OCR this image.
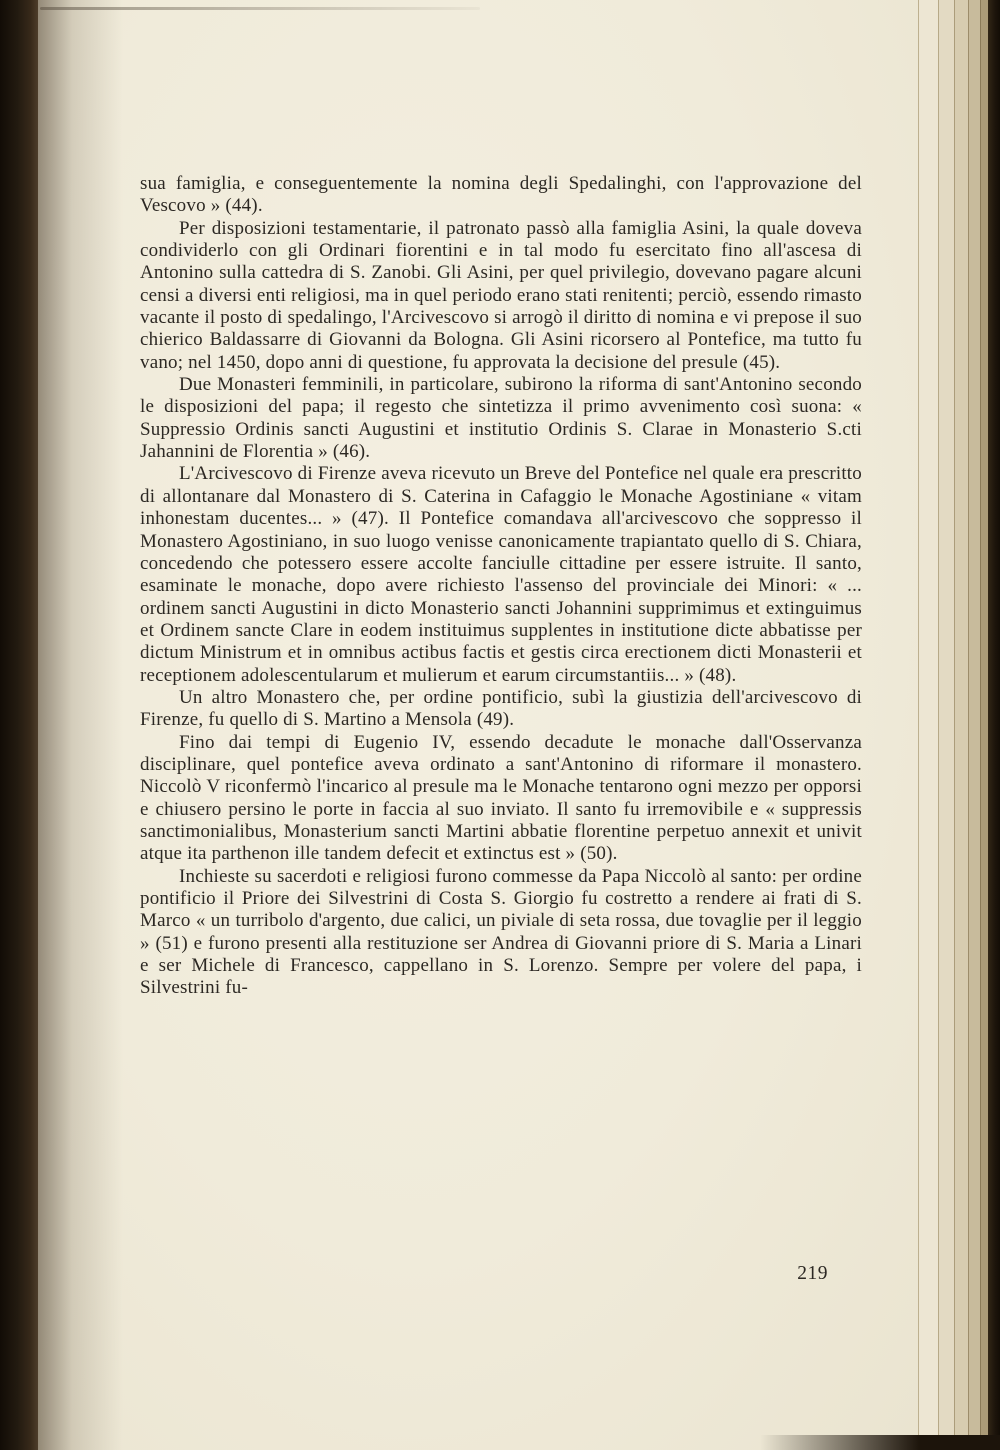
sua famiglia, e conseguentemente la nomina degli Spedalinghi, con l'approvazione del Vescovo » (44).

Per disposizioni testamentarie, il patronato passò alla famiglia Asini, la quale doveva condividerlo con gli Ordinari fiorentini e in tal modo fu esercitato fino all'ascesa di Antonino sulla cattedra di S. Zanobi. Gli Asini, per quel privilegio, dovevano pagare alcuni censi a diversi enti religiosi, ma in quel periodo erano stati renitenti; perciò, essendo rimasto vacante il posto di spedalingo, l'Arcivescovo si arrogò il diritto di nomina e vi prepose il suo chierico Baldassarre di Giovanni da Bologna. Gli Asini ricorsero al Pontefice, ma tutto fu vano; nel 1450, dopo anni di questione, fu approvata la decisione del presule (45).

Due Monasteri femminili, in particolare, subirono la riforma di sant'Antonino secondo le disposizioni del papa; il regesto che sintetizza il primo avvenimento così suona: « Suppressio Ordinis sancti Augustini et institutio Ordinis S. Clarae in Monasterio S.cti Jahannini de Florentia » (46).

L'Arcivescovo di Firenze aveva ricevuto un Breve del Pontefice nel quale era prescritto di allontanare dal Monastero di S. Caterina in Cafaggio le Monache Agostiniane « vitam inhonestam ducentes... » (47). Il Pontefice comandava all'arcivescovo che soppresso il Monastero Agostiniano, in suo luogo venisse canonicamente trapiantato quello di S. Chiara, concedendo che potessero essere accolte fanciulle cittadine per essere istruite. Il santo, esaminate le monache, dopo avere richiesto l'assenso del provinciale dei Minori: « ... ordinem sancti Augustini in dicto Monasterio sancti Johannini supprimimus et extinguimus et Ordinem sancte Clare in eodem instituimus supplentes in institutione dicte abbatisse per dictum Ministrum et in omnibus actibus factis et gestis circa erectionem dicti Monasterii et receptionem adolescentularum et mulierum et earum circumstantiis... » (48).

Un altro Monastero che, per ordine pontificio, subì la giustizia dell'arcivescovo di Firenze, fu quello di S. Martino a Mensola (49).

Fino dai tempi di Eugenio IV, essendo decadute le monache dall'Osservanza disciplinare, quel pontefice aveva ordinato a sant'Antonino di riformare il monastero. Niccolò V riconfermò l'incarico al presule ma le Monache tentarono ogni mezzo per opporsi e chiusero persino le porte in faccia al suo inviato. Il santo fu irremovibile e « suppressis sanctimonialibus, Monasterium sancti Martini abbatie florentine perpetuo annexit et univit atque ita parthenon ille tandem defecit et extinctus est » (50).

Inchieste su sacerdoti e religiosi furono commesse da Papa Niccolò al santo: per ordine pontificio il Priore dei Silvestrini di Costa S. Giorgio fu costretto a rendere ai frati di S. Marco « un turribolo d'argento, due calici, un piviale di seta rossa, due tovaglie per il leggio » (51) e furono presenti alla restituzione ser Andrea di Giovanni priore di S. Maria a Linari e ser Michele di Francesco, cappellano in S. Lorenzo. Sempre per volere del papa, i Silvestrini fu-

219
